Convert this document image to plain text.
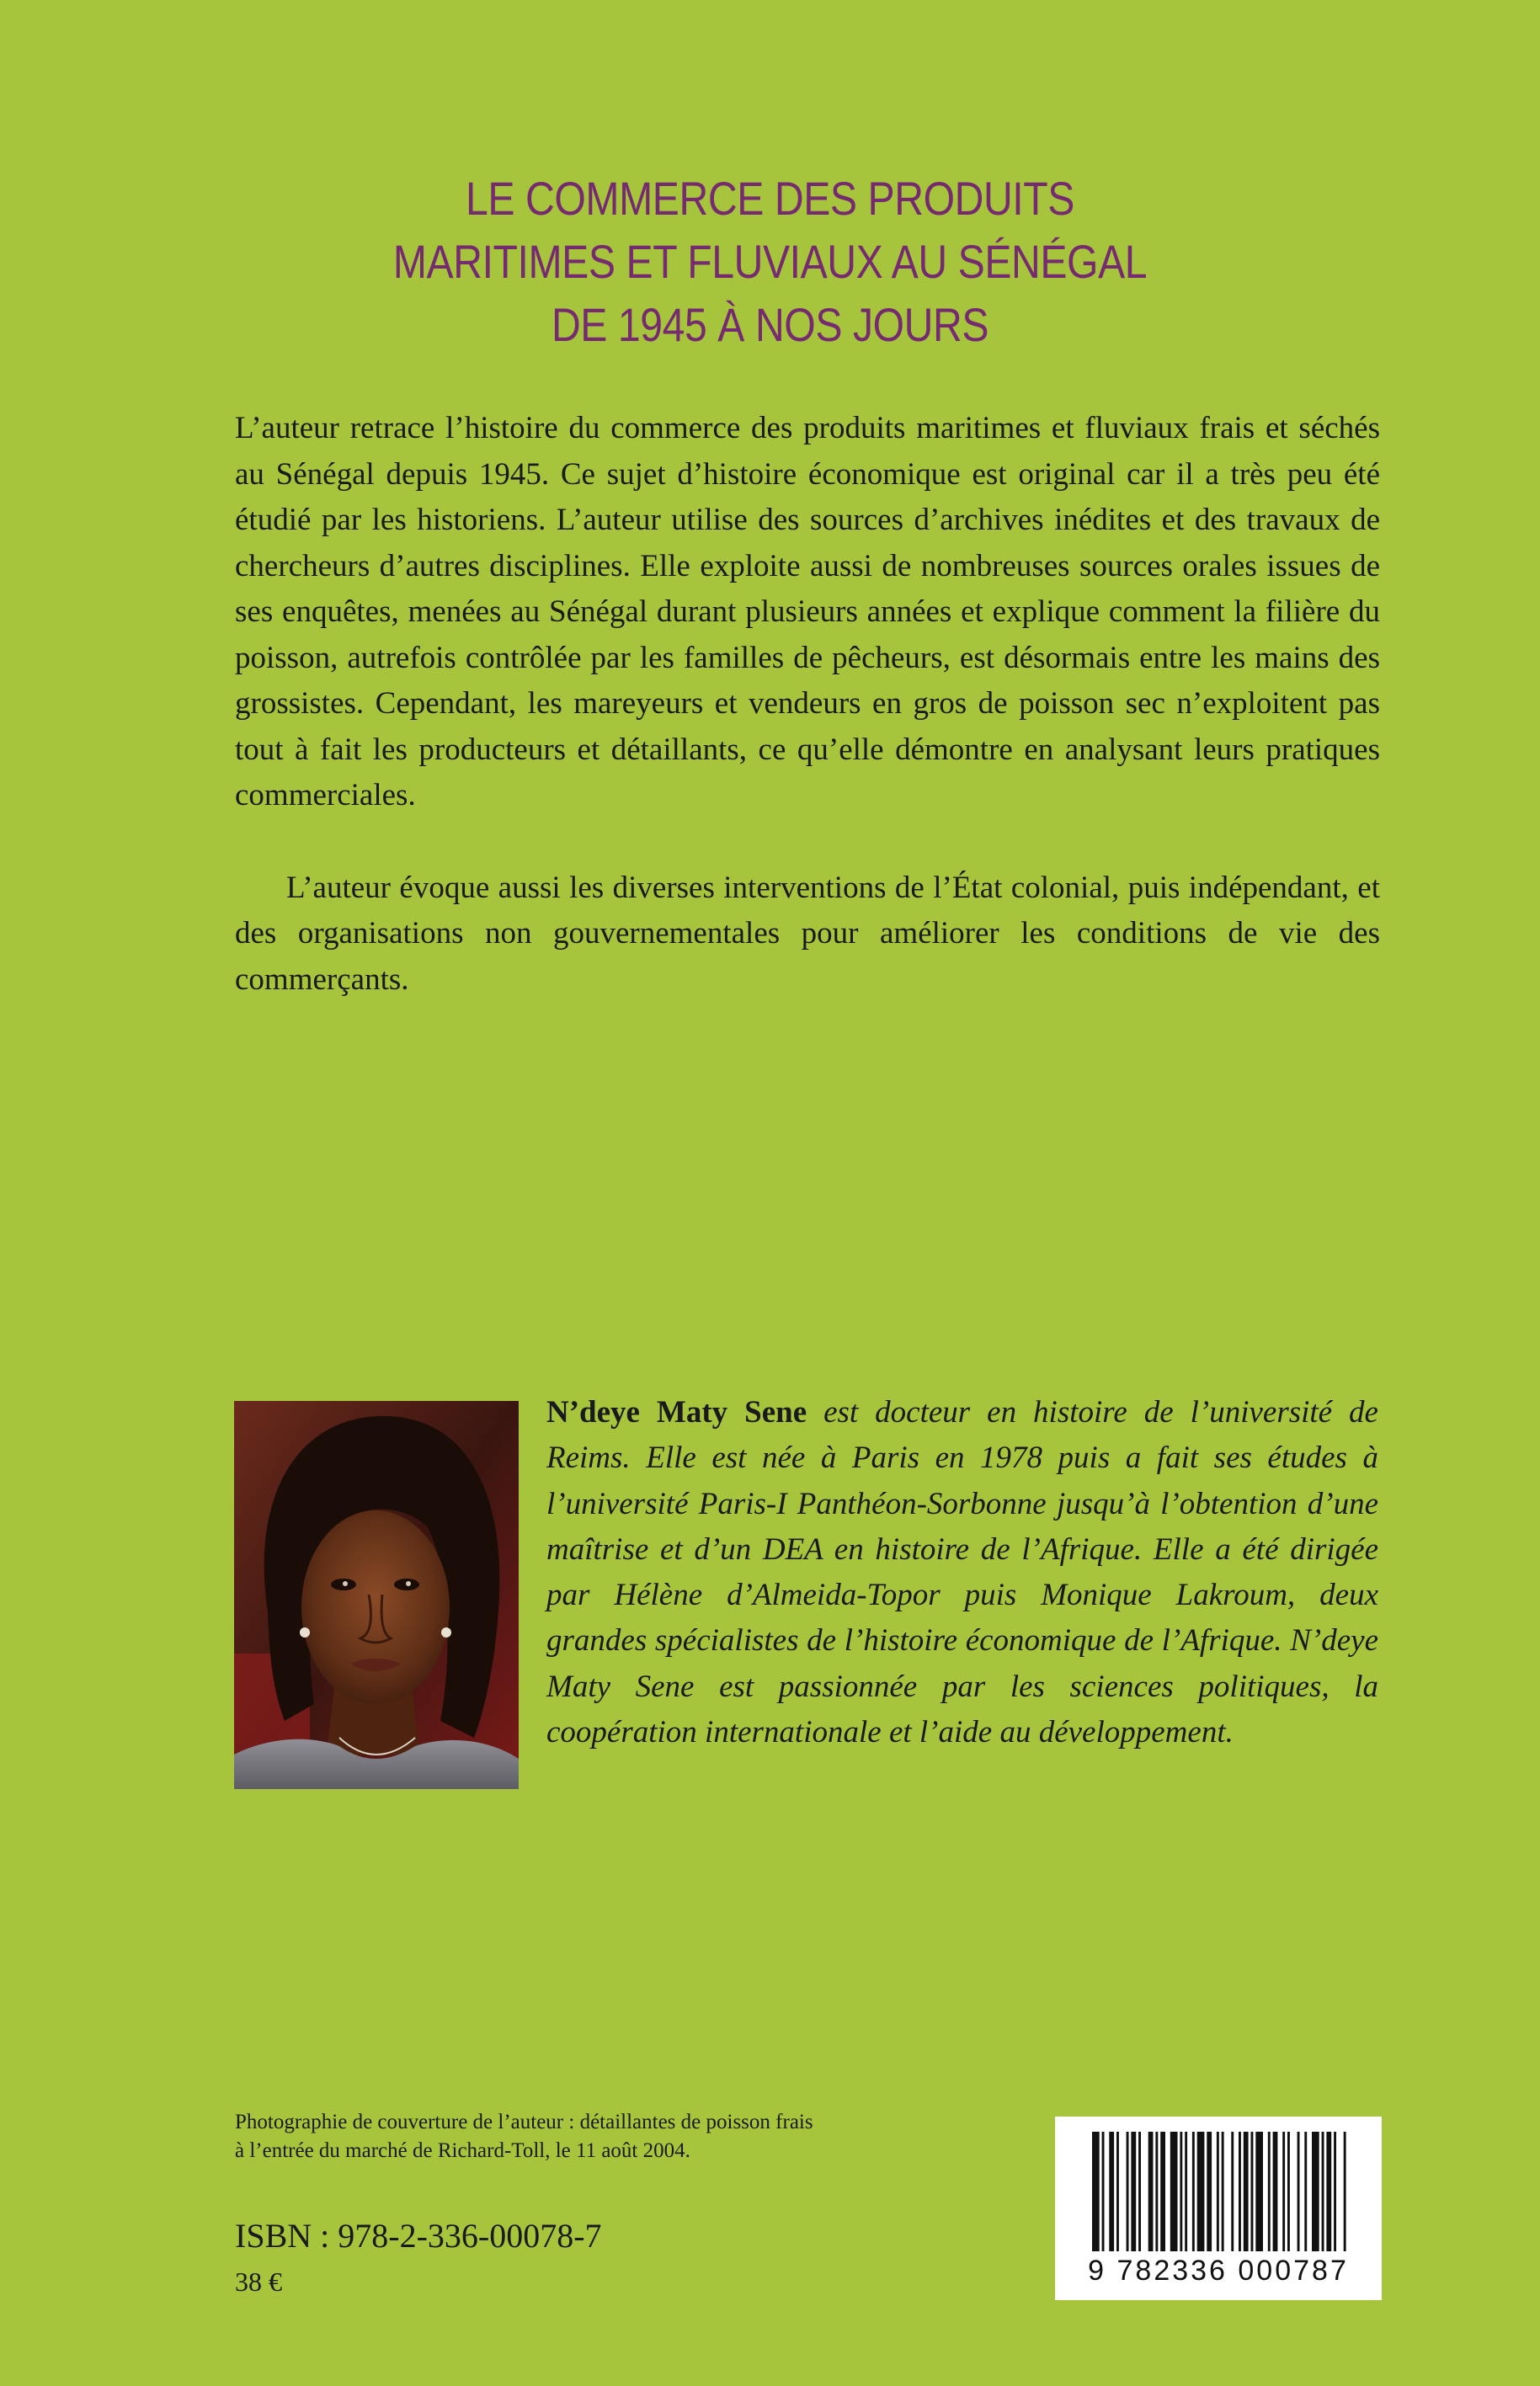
LE COMMERCE DES PRODUITS
MARITIMES ET FLUVIAUX AU SÉNÉGAL
DE 1945 À NOS JOURS

L’auteur retrace l’histoire du commerce des produits maritimes et fluviaux frais et séchés au Sénégal depuis 1945. Ce sujet d’histoire économique est original car il a très peu été étudié par les historiens. L’auteur utilise des sources d’archives inédites et des travaux de chercheurs d’autres disciplines. Elle exploite aussi de nombreuses sources orales issues de ses enquêtes, menées au Sénégal durant plusieurs années et explique comment la filière du poisson, autrefois contrôlée par les familles de pêcheurs, est désormais entre les mains des grossistes. Cependant, les mareyeurs et vendeurs en gros de poisson sec n’exploitent pas tout à fait les producteurs et détaillants, ce qu’elle démontre en analysant leurs pratiques commerciales.

L’auteur évoque aussi les diverses interventions de l’État colonial, puis indépendant, et des organisations non gouvernementales pour améliorer les conditions de vie des commerçants.

N’deye Maty Sene est docteur en histoire de l’université de Reims. Elle est née à Paris en 1978 puis a fait ses études à l’université Paris-I Panthéon-Sorbonne jusqu’à l’obtention d’une maîtrise et d’un DEA en histoire de l’Afrique. Elle a été dirigée par Hélène d’Almeida-Topor puis Monique Lakroum, deux grandes spécialistes de l’histoire économique de l’Afrique. N’deye Maty Sene est passionnée par les sciences politiques, la coopération internationale et l’aide au développement.
Photographie de couverture de l’auteur : détaillantes de poisson frais
à l’entrée du marché de Richard-Toll, le 11 août 2004.
ISBN : 978-2-336-00078-7
38 €	9 782336 000787
